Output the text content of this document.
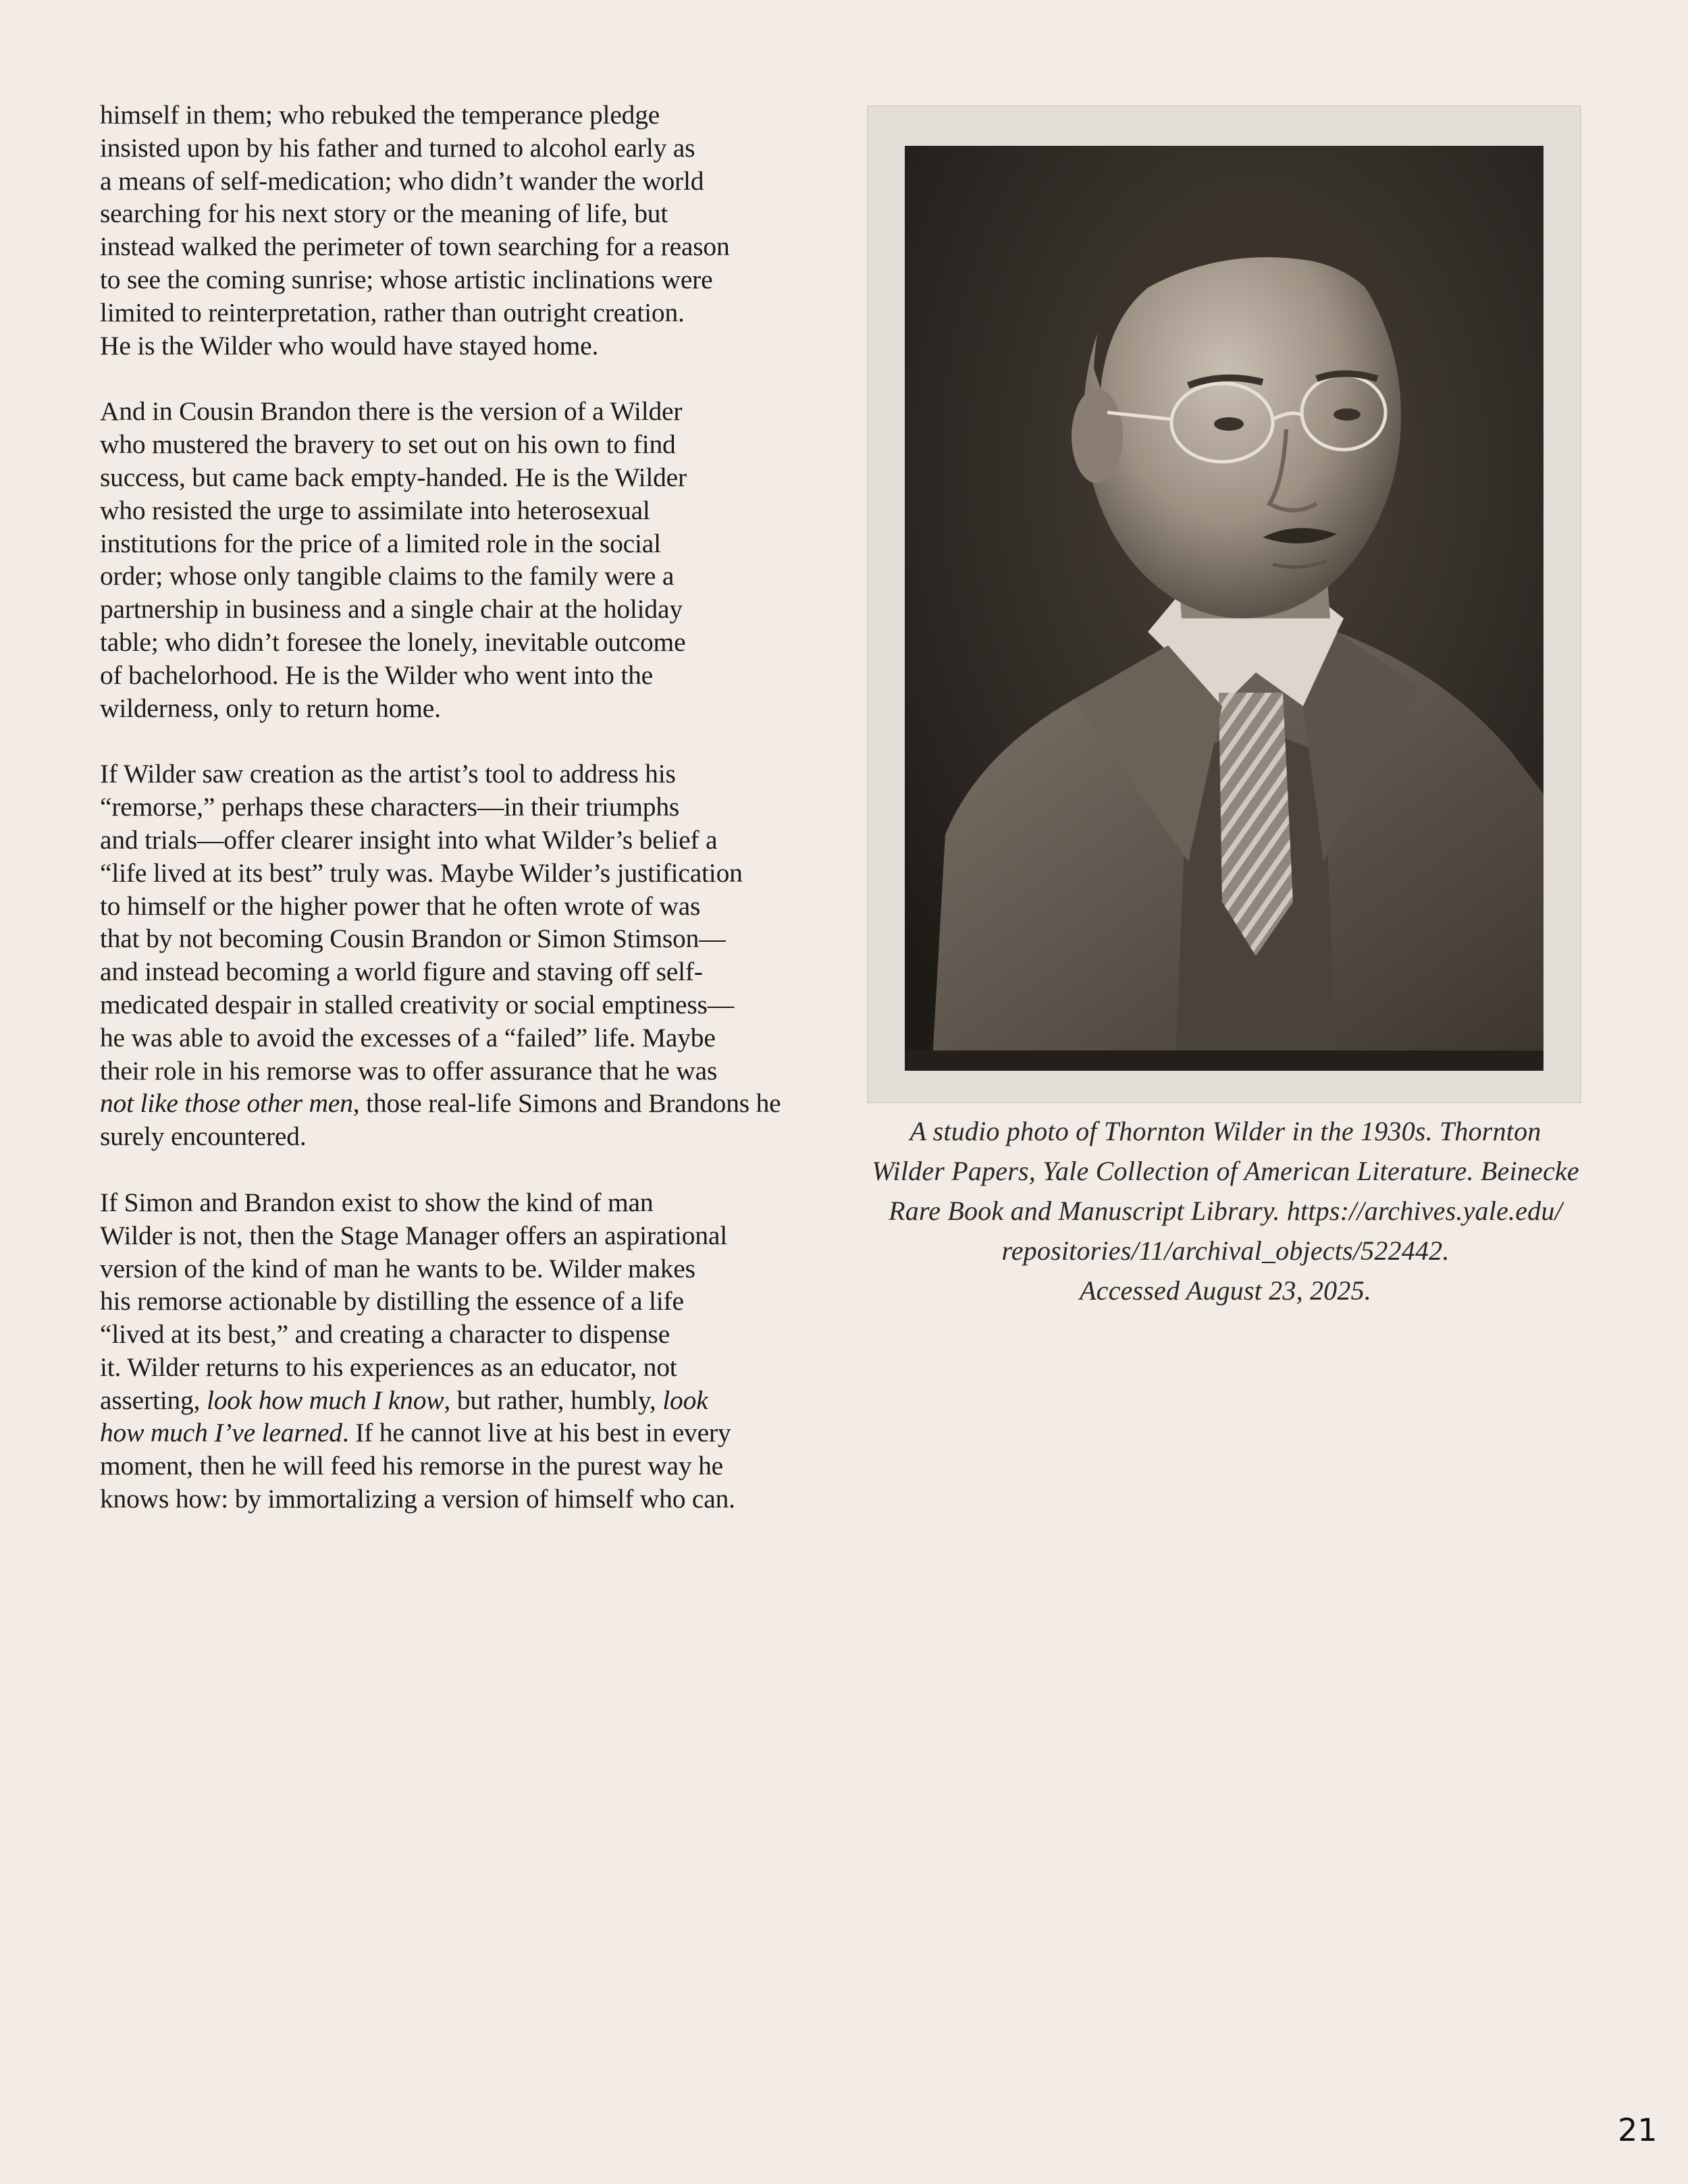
himself in them; who rebuked the temperance pledge
insisted upon by his father and turned to alcohol early as
a means of self-medication; who didn’t wander the world
searching for his next story or the meaning of life, but
instead walked the perimeter of town searching for a reason
to see the coming sunrise; whose artistic inclinations were
limited to reinterpretation, rather than outright creation.
He is the Wilder who would have stayed home.

And in Cousin Brandon there is the version of a Wilder
who mustered the bravery to set out on his own to find
success, but came back empty-handed. He is the Wilder
who resisted the urge to assimilate into heterosexual
institutions for the price of a limited role in the social
order; whose only tangible claims to the family were a
partnership in business and a single chair at the holiday
table; who didn’t foresee the lonely, inevitable outcome
of bachelorhood. He is the Wilder who went into the
wilderness, only to return home.

If Wilder saw creation as the artist’s tool to address his
“remorse,” perhaps these characters—in their triumphs
and trials—offer clearer insight into what Wilder’s belief a
“life lived at its best” truly was. Maybe Wilder’s justification
to himself or the higher power that he often wrote of was
that by not becoming Cousin Brandon or Simon Stimson—
and instead becoming a world figure and staving off self-
medicated despair in stalled creativity or social emptiness—
he was able to avoid the excesses of a “failed” life. Maybe
their role in his remorse was to offer assurance that he was
not like those other men, those real-life Simons and Brandons he
surely encountered.

If Simon and Brandon exist to show the kind of man
Wilder is not, then the Stage Manager offers an aspirational
version of the kind of man he wants to be. Wilder makes
his remorse actionable by distilling the essence of a life
“lived at its best,” and creating a character to dispense
it. Wilder returns to his experiences as an educator, not
asserting, look how much I know, but rather, humbly, look
how much I’ve learned. If he cannot live at his best in every
moment, then he will feed his remorse in the purest way he
knows how: by immortalizing a version of himself who can.

A studio photo of Thornton Wilder in the 1930s. Thornton
Wilder Papers, Yale Collection of American Literature. Beinecke
Rare Book and Manuscript Library. https://archives.yale.edu/
repositories/11/archival_objects/522442.
Accessed August 23, 2025.
21
